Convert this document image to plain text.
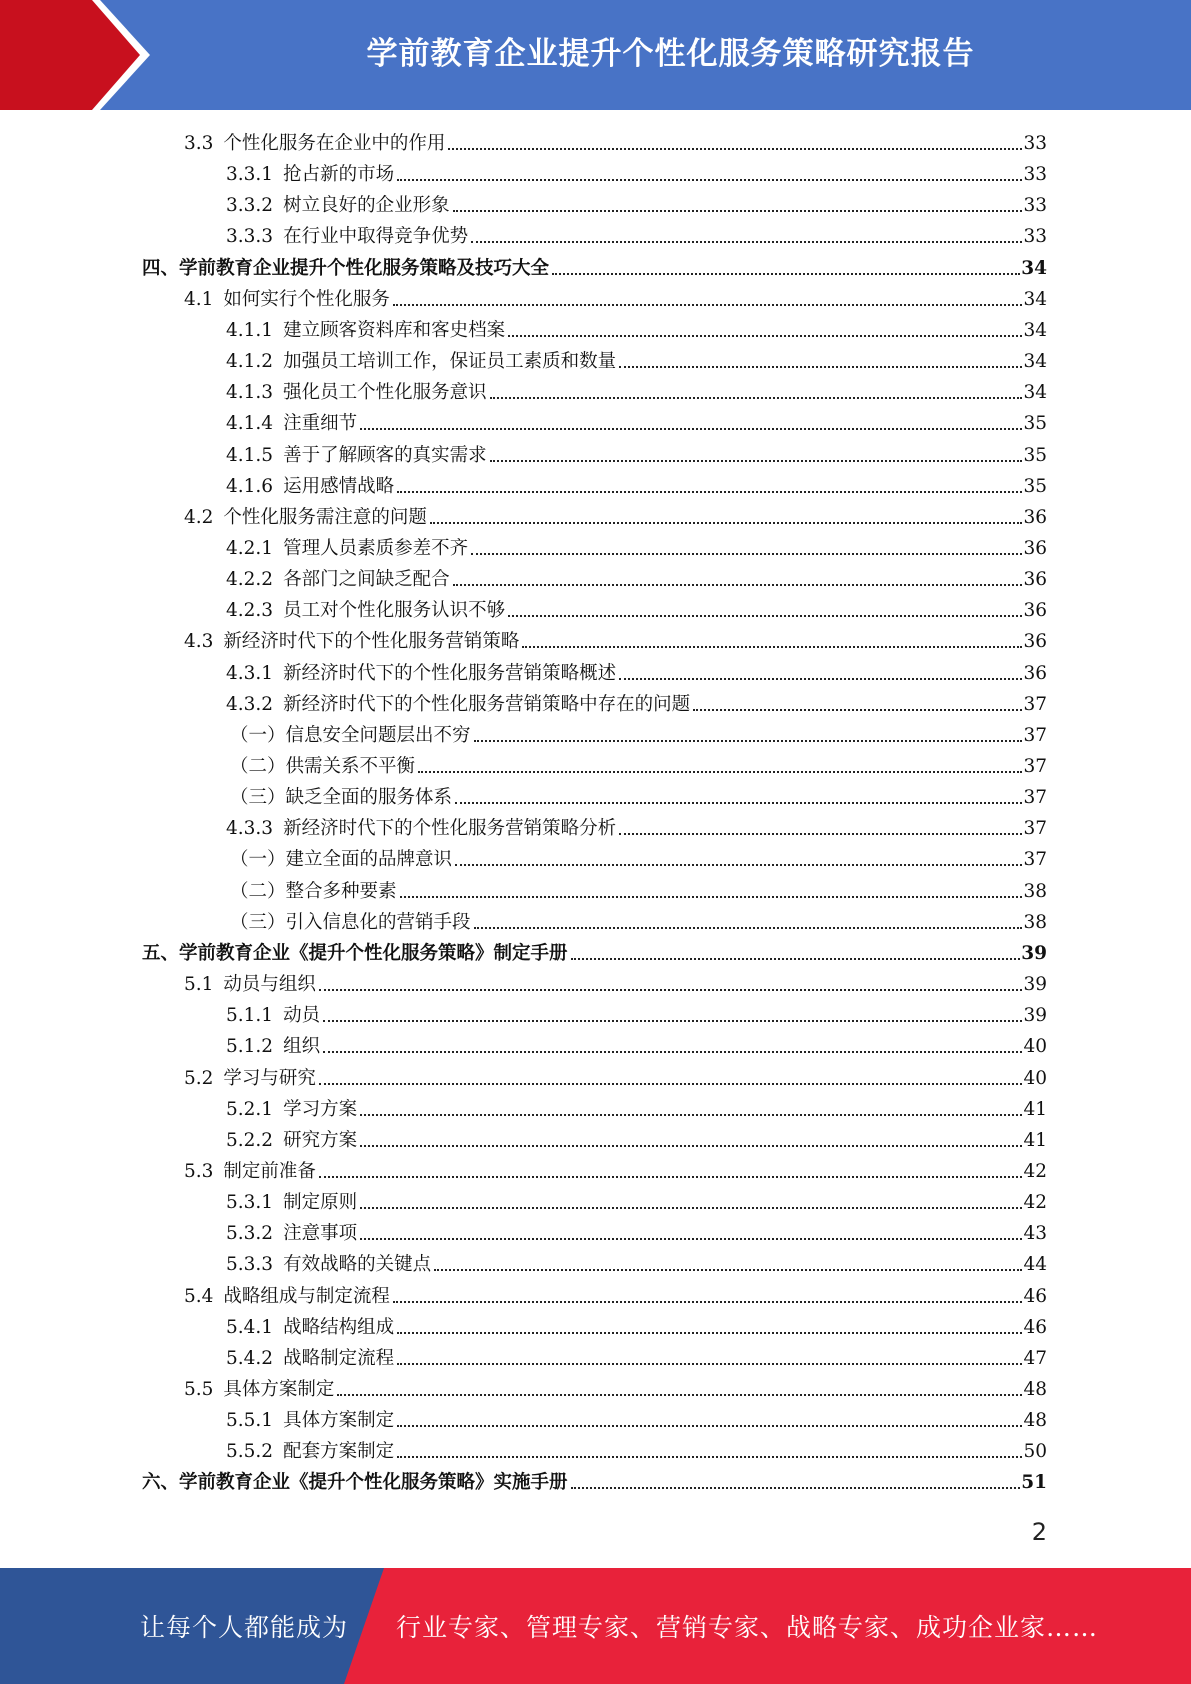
学前教育企业提升个性化服务策略研究报告
3.3 个性化服务在企业中的作用	33
3.3.1 抢占新的市场	33
3.3.2 树立良好的企业形象	33
3.3.3 在行业中取得竞争优势	33
四、学前教育企业提升个性化服务策略及技巧大全	34
4.1 如何实行个性化服务	34
4.1.1 建立顾客资料库和客史档案	34
4.1.2 加强员工培训工作，保证员工素质和数量	34
4.1.3 强化员工个性化服务意识	34
4.1.4 注重细节	35
4.1.5 善于了解顾客的真实需求	35
4.1.6 运用感情战略	35
4.2 个性化服务需注意的问题	36
4.2.1 管理人员素质参差不齐	36
4.2.2 各部门之间缺乏配合	36
4.2.3 员工对个性化服务认识不够	36
4.3 新经济时代下的个性化服务营销策略	36
4.3.1 新经济时代下的个性化服务营销策略概述	36
4.3.2 新经济时代下的个性化服务营销策略中存在的问题	37
（一）信息安全问题层出不穷	37
（二）供需关系不平衡	37
（三）缺乏全面的服务体系	37
4.3.3 新经济时代下的个性化服务营销策略分析	37
（一）建立全面的品牌意识	37
（二）整合多种要素	38
（三）引入信息化的营销手段	38
五、学前教育企业《提升个性化服务策略》制定手册	39
5.1 动员与组织	39
5.1.1 动员	39
5.1.2 组织	40
5.2 学习与研究	40
5.2.1 学习方案	41
5.2.2 研究方案	41
5.3 制定前准备	42
5.3.1 制定原则	42
5.3.2 注意事项	43
5.3.3 有效战略的关键点	44
5.4 战略组成与制定流程	46
5.4.1 战略结构组成	46
5.4.2 战略制定流程	47
5.5 具体方案制定	48
5.5.1 具体方案制定	48
5.5.2 配套方案制定	50
六、学前教育企业《提升个性化服务策略》实施手册	51
2
让每个人都能成为 行业专家、管理专家、营销专家、战略专家、成功企业家……
